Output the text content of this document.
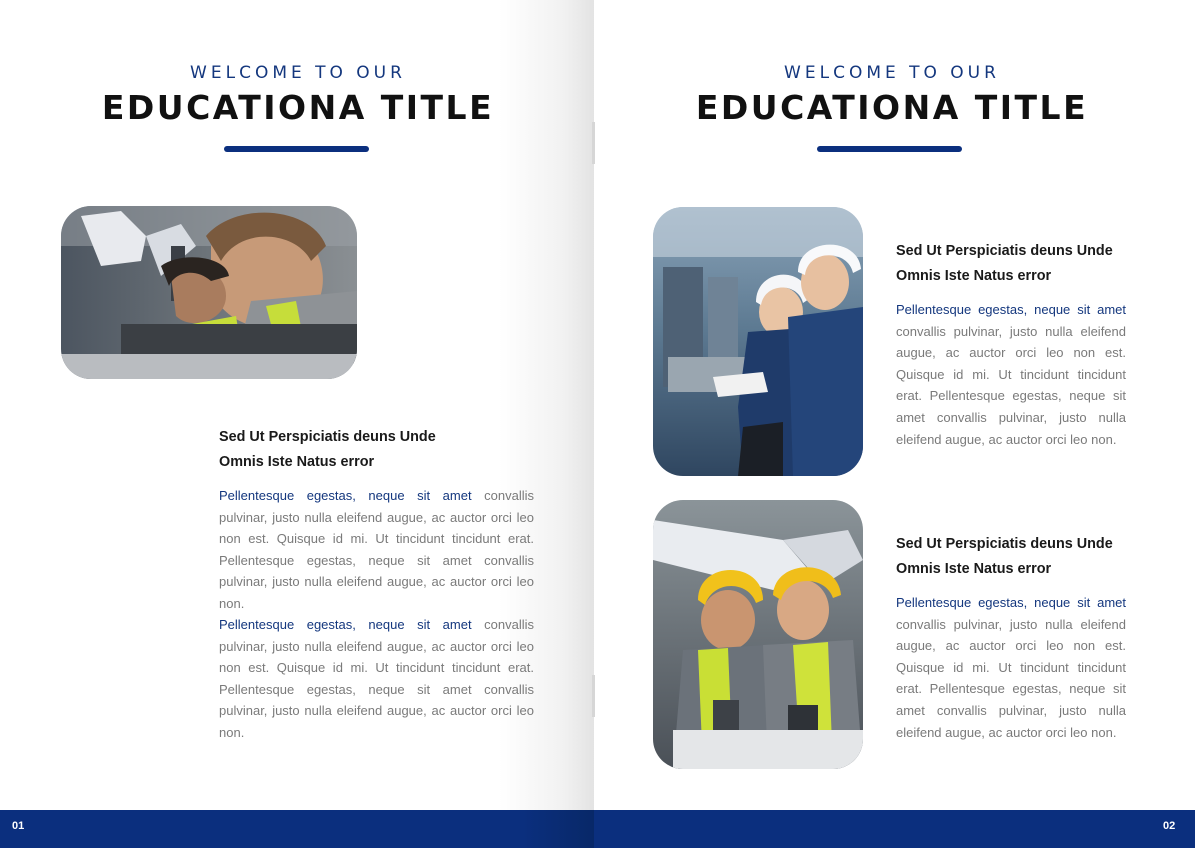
WELCOME TO OUR
EDUCATIONA TITLE
Sed Ut Perspiciatis deuns Unde
Omnis Iste Natus error

Pellentesque egestas, neque sit amet convallis pulvinar, justo nulla eleifend augue, ac auctor orci leo non est. Quisque id mi. Ut tincidunt tincidunt erat. Pellentesque egestas, neque sit amet convallis pulvinar, justo nulla eleifend augue, ac auctor orci leo non.

Pellentesque egestas, neque sit amet convallis pulvinar, justo nulla eleifend augue, ac auctor orci leo non est. Quisque id mi. Ut tincidunt tincidunt erat. Pellentesque egestas, neque sit amet convallis pulvinar, justo nulla eleifend augue, ac auctor orci leo non.

WELCOME TO OUR
EDUCATIONA TITLE
Sed Ut Perspiciatis deuns Unde
Omnis Iste Natus error

Pellentesque egestas, neque sit amet convallis pulvinar, justo nulla eleifend augue, ac auctor orci leo non est. Quisque id mi. Ut tincidunt tincidunt erat. Pellentesque egestas, neque sit amet convallis pulvinar, justo nulla eleifend augue, ac auctor orci leo non.

Sed Ut Perspiciatis deuns Unde
Omnis Iste Natus error

Pellentesque egestas, neque sit amet convallis pulvinar, justo nulla eleifend augue, ac auctor orci leo non est. Quisque id mi. Ut tincidunt tincidunt erat. Pellentesque egestas, neque sit amet convallis pulvinar, justo nulla eleifend augue, ac auctor orci leo non.

01	02
